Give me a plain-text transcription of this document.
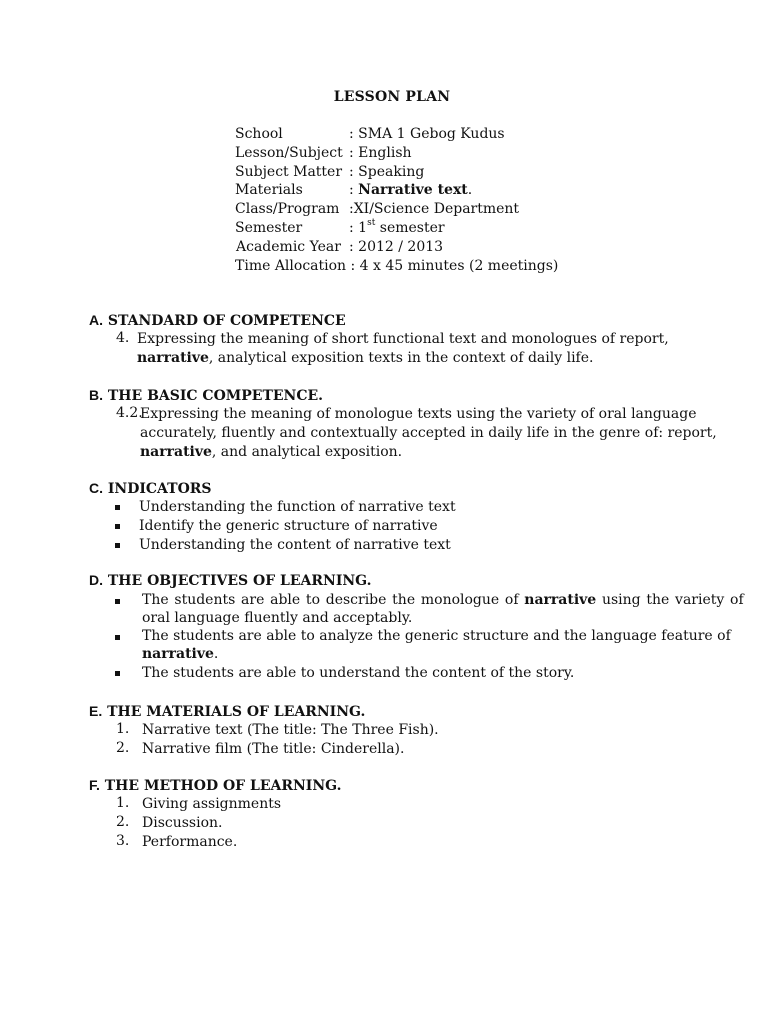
LESSON PLAN
School	: SMA 1 Gebog Kudus
Lesson/Subject : English
Subject Matter : Speaking
Materials	: Narrative text.
Class/Program :XI/Science Department
Semester	: 1st semester
Academic Year : 2012 / 2013
Time Allocation : 4 x 45 minutes (2 meetings)
A. STANDARD OF COMPETENCE
4. Expressing the meaning of short functional text and monologues of report,
narrative, analytical exposition texts in the context of daily life.
B. THE BASIC COMPETENCE.
4.2.
Expressing the meaning of monologue texts using the variety of oral language
accurately, fluently and contextually accepted in daily life in the genre of: report,
narrative, and analytical exposition.
C. INDICATORS
Understanding the function of narrative text
Identify the generic structure of narrative
Understanding the content of narrative text
D. THE OBJECTIVES OF LEARNING.
The students are able to describe the monologue of narrative using the variety of
oral language fluently and acceptably.
The students are able to analyze the generic structure and the language feature of
narrative.
The students are able to understand the content of the story.
E. THE MATERIALS OF LEARNING.
1. Narrative text (The title: The Three Fish).
2. Narrative film (The title: Cinderella).
F. THE METHOD OF LEARNING.
1. Giving assignments
2. Discussion.
3. Performance.
